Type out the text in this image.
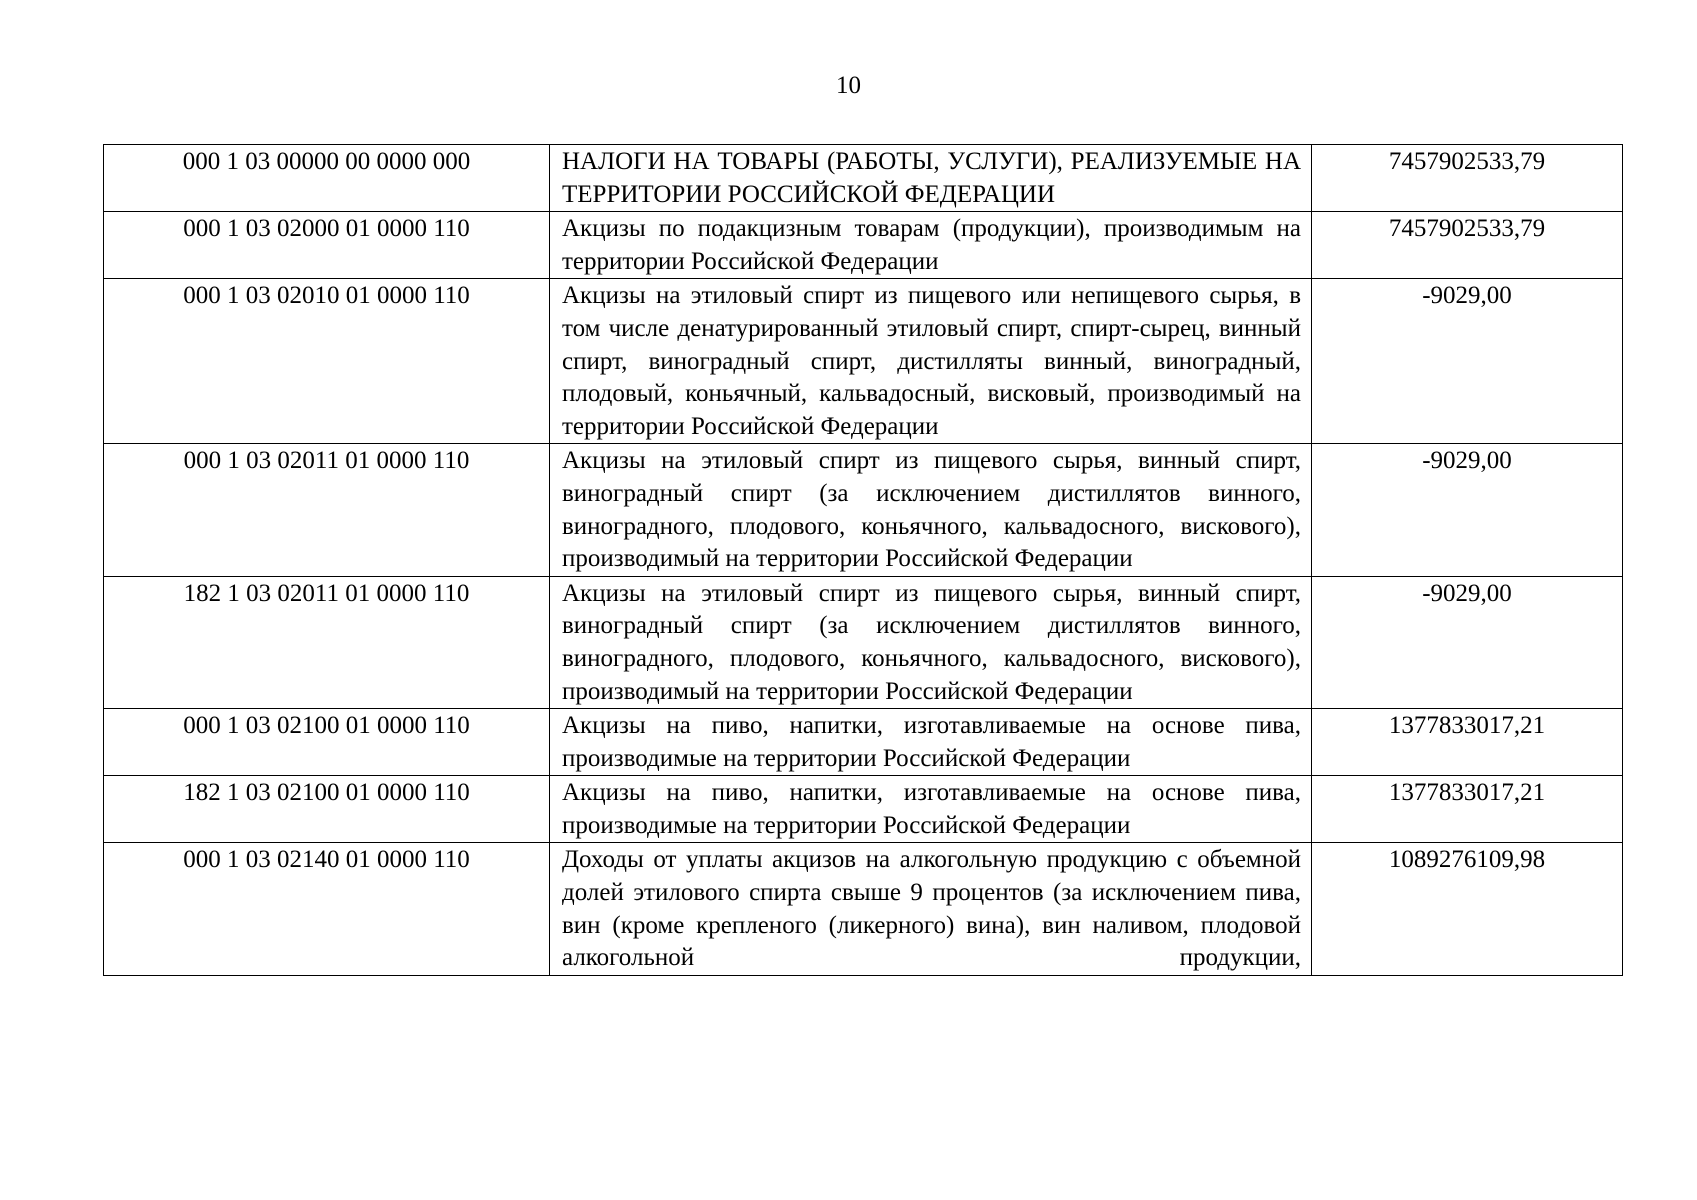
10
000 1 03 00000 00 0000 000	НАЛОГИ НА ТОВАРЫ (РАБОТЫ, УСЛУГИ), РЕАЛИЗУЕМЫЕ НА ТЕРРИТОРИИ РОССИЙСКОЙ ФЕДЕРАЦИИ	7457902533,79
000 1 03 02000 01 0000 110	Акцизы по подакцизным товарам (продукции), производимым на территории Российской Федерации	7457902533,79
000 1 03 02010 01 0000 110	Акцизы на этиловый спирт из пищевого или непищевого сырья, в том числе денатурированный этиловый спирт, спирт-сырец, винный спирт, виноградный спирт, дистилляты винный, виноградный, плодовый, коньячный, кальвадосный, висковый, производимый на территории Российской Федерации	-9029,00
000 1 03 02011 01 0000 110	Акцизы на этиловый спирт из пищевого сырья, винный спирт, виноградный спирт (за исключением дистиллятов винного, виноградного, плодового, коньячного, кальвадосного, вискового), производимый на территории Российской Федерации	-9029,00
182 1 03 02011 01 0000 110	Акцизы на этиловый спирт из пищевого сырья, винный спирт, виноградный спирт (за исключением дистиллятов винного, виноградного, плодового, коньячного, кальвадосного, вискового), производимый на территории Российской Федерации	-9029,00
000 1 03 02100 01 0000 110	Акцизы на пиво, напитки, изготавливаемые на основе пива, производимые на территории Российской Федерации	1377833017,21
182 1 03 02100 01 0000 110	Акцизы на пиво, напитки, изготавливаемые на основе пива, производимые на территории Российской Федерации	1377833017,21
000 1 03 02140 01 0000 110	Доходы от уплаты акцизов на алкогольную продукцию с объемной долей этилового спирта свыше 9 процентов (за исключением пива, вин (кроме крепленого (ликерного) вина), вин наливом, плодовой алкогольной продукции,	1089276109,98
